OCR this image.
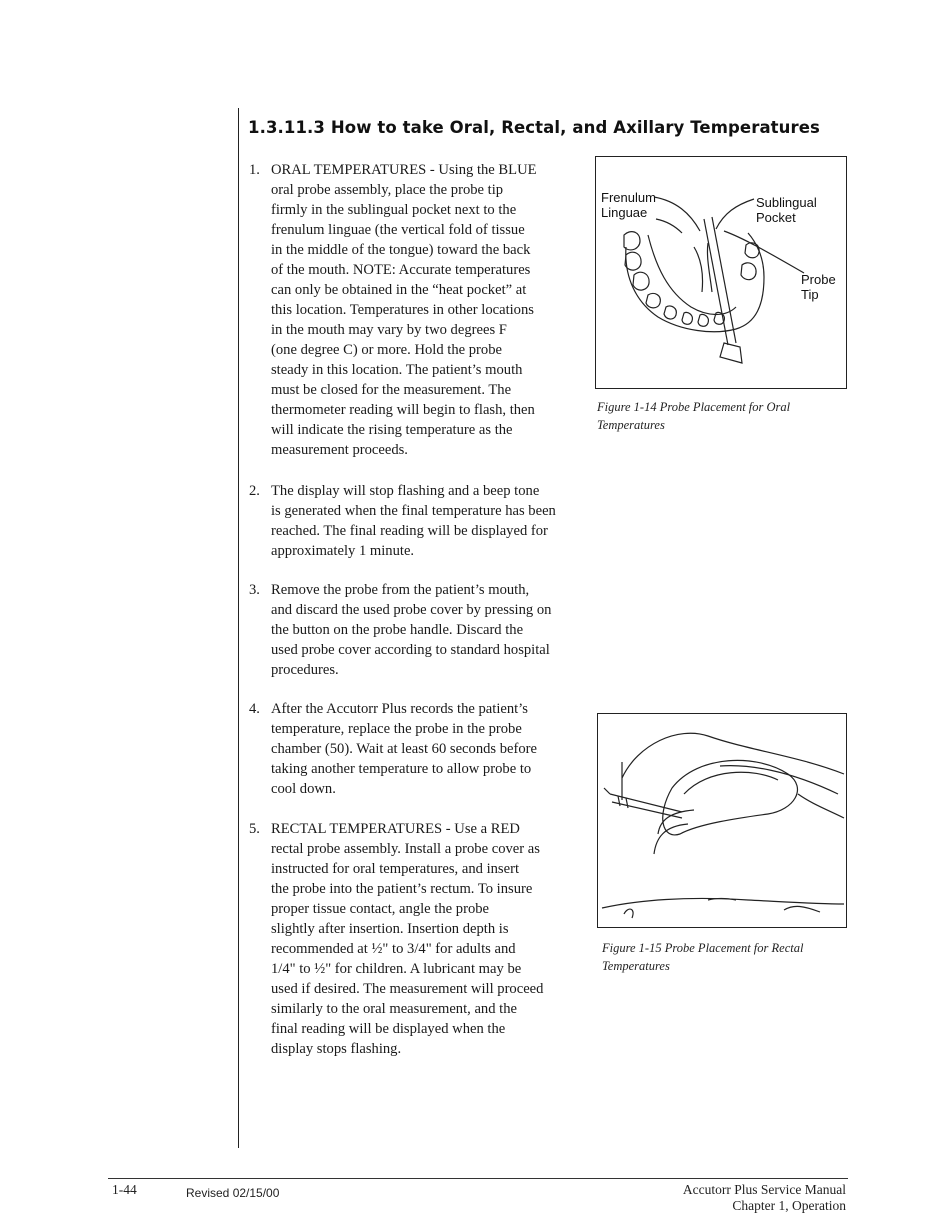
1.3.11.3 How to take Oral, Rectal, and Axillary Temperatures
1. ORAL TEMPERATURES - Using the BLUE
oral probe assembly, place the probe tip
firmly in the sublingual pocket next to the
frenulum linguae (the vertical fold of tissue
in the middle of the tongue) toward the back
of the mouth. NOTE: Accurate temperatures
can only be obtained in the “heat pocket” at
this location. Temperatures in other locations
in the mouth may vary by two degrees F
(one degree C) or more. Hold the probe
steady in this location. The patient’s mouth
must be closed for the measurement. The
thermometer reading will begin to flash, then
will indicate the rising temperature as the
measurement proceeds.
2. The display will stop flashing and a beep tone
is generated when the final temperature has been
reached. The final reading will be displayed for
approximately 1 minute.
3. Remove the probe from the patient’s mouth,
and discard the used probe cover by pressing on
the button on the probe handle. Discard the
used probe cover according to standard hospital
procedures.
4. After the Accutorr Plus records the patient’s
temperature, replace the probe in the probe
chamber (50). Wait at least 60 seconds before
taking another temperature to allow probe to
cool down.
5. RECTAL TEMPERATURES - Use a RED
rectal probe assembly. Install a probe cover as
instructed for oral temperatures, and insert
the probe into the patient’s rectum. To insure
proper tissue contact, angle the probe
slightly after insertion. Insertion depth is
recommended at ½" to 3/4" for adults and
1/4" to ½" for children. A lubricant may be
used if desired. The measurement will proceed
similarly to the oral measurement, and the
final reading will be displayed when the
display stops flashing.
Frenulum
Linguae
Sublingual
Pocket
Probe
Tip
Figure 1-14 Probe Placement for Oral
Temperatures
Figure 1-15 Probe Placement for Rectal
Temperatures
1-44	Revised 02/15/00	Accutorr Plus Service Manual
Chapter 1, Operation
